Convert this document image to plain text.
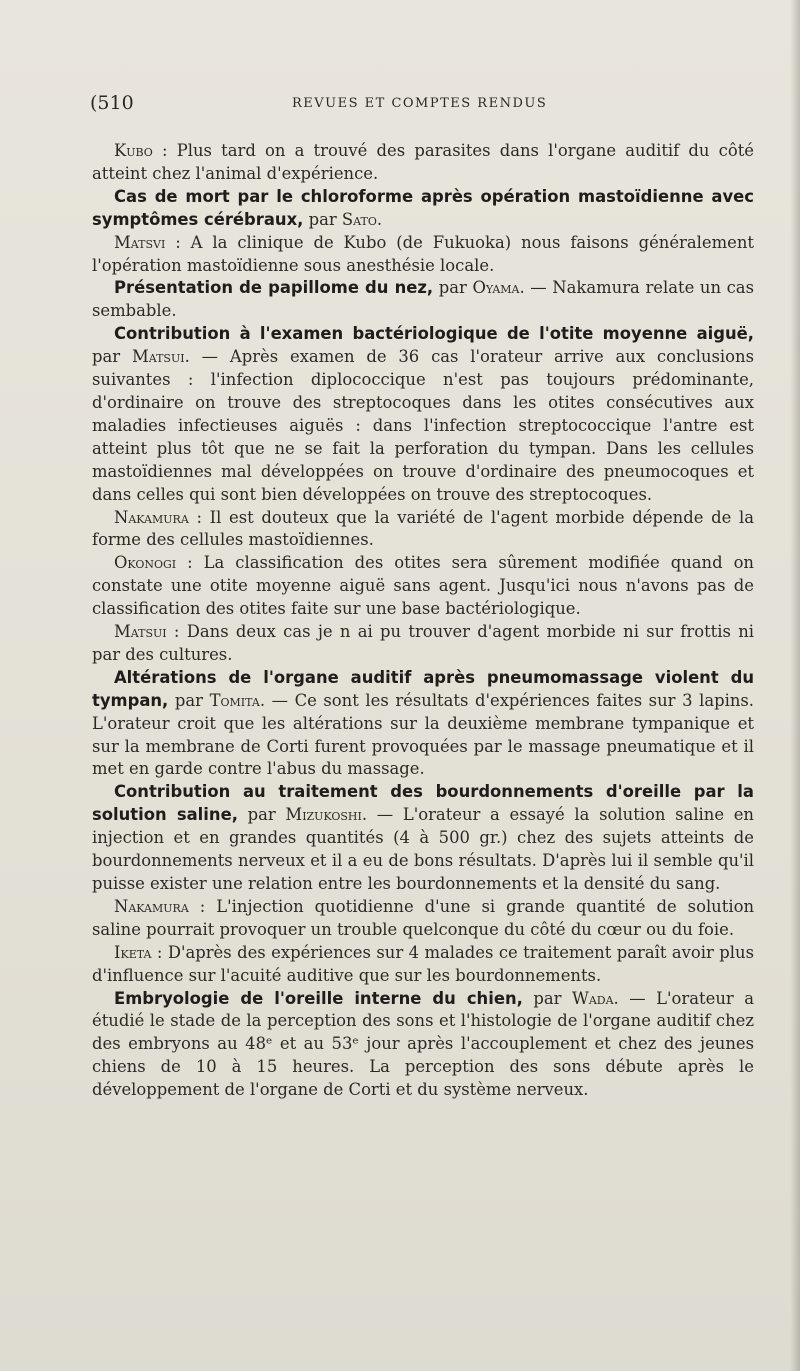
(510	REVUES ET COMPTES RENDUS

Kubo : Plus tard on a trouvé des parasites dans l'organe auditif du côté atteint chez l'animal d'expérience.

Cas de mort par le chloroforme après opération mastoïdienne avec symptômes cérébraux, par Sato.

Matsvi : A la clinique de Kubo (de Fukuoka) nous faisons généralement l'opération mastoïdienne sous anesthésie locale.

Présentation de papillome du nez, par Oyama. — Nakamura relate un cas sembable.

Contribution à l'examen bactériologique de l'otite moyenne aiguë, par Matsui. — Après examen de 36 cas l'orateur arrive aux conclusions suivantes : l'infection diplococcique n'est pas toujours prédominante, d'ordinaire on trouve des streptocoques dans les otites consécutives aux maladies infectieuses aiguës : dans l'infection streptococcique l'antre est atteint plus tôt que ne se fait la perforation du tympan. Dans les cellules mastoïdiennes mal développées on trouve d'ordinaire des pneumocoques et dans celles qui sont bien développées on trouve des streptocoques.

Nakamura : Il est douteux que la variété de l'agent morbide dépende de la forme des cellules mastoïdiennes.

Okonogi : La classification des otites sera sûrement modifiée quand on constate une otite moyenne aiguë sans agent. Jusqu'ici nous n'avons pas de classification des otites faite sur une base bactériologique.

Matsui : Dans deux cas je n ai pu trouver d'agent morbide ni sur frottis ni par des cultures.

Altérations de l'organe auditif après pneumomassage violent du tympan, par Tomita. — Ce sont les résultats d'expériences faites sur 3 lapins. L'orateur croit que les altérations sur la deuxième membrane tympanique et sur la membrane de Corti furent provoquées par le massage pneumatique et il met en garde contre l'abus du massage.

Contribution au traitement des bourdonnements d'oreille par la solution saline, par Mizukoshi. — L'orateur a essayé la solution saline en injection et en grandes quantités (4 à 500 gr.) chez des sujets atteints de bourdonnements nerveux et il a eu de bons résultats. D'après lui il semble qu'il puisse exister une relation entre les bourdonnements et la densité du sang.

Nakamura : L'injection quotidienne d'une si grande quantité de solution saline pourrait provoquer un trouble quelconque du côté du cœur ou du foie.

Iketa : D'après des expériences sur 4 malades ce traitement paraît avoir plus d'influence sur l'acuité auditive que sur les bourdonnements.

Embryologie de l'oreille interne du chien, par Wada. — L'orateur a étudié le stade de la perception des sons et l'histologie de l'organe auditif chez des embryons au 48ᵉ et au 53ᵉ jour après l'accouplement et chez des jeunes chiens de 10 à 15 heures. La perception des sons débute après le développement de l'organe de Corti et du système nerveux.
